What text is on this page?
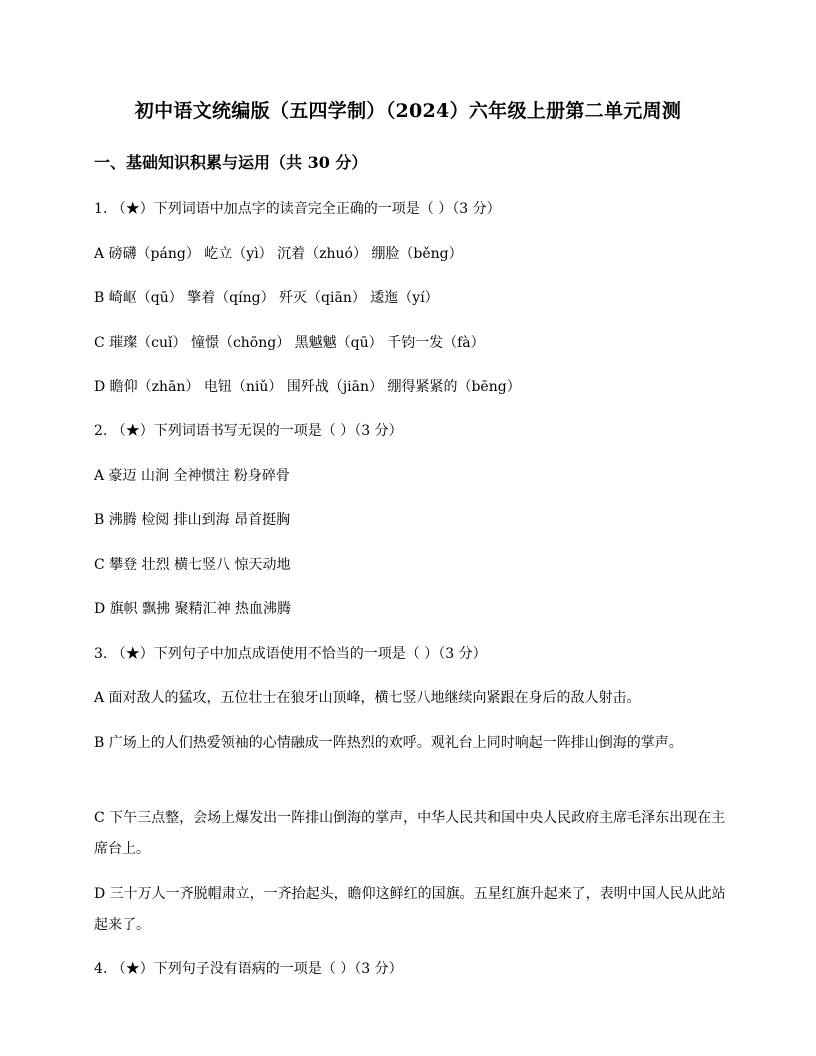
初中语文统编版（五四学制）（2024）六年级上册第二单元周测
一、基础知识积累与运用（共 30 分）
1. （★）下列词语中加点字的读音完全正确的一项是（ ）（3 分）
A 磅礴（páng） 屹立（yì） 沉着（zhuó） 绷脸（běng）
B 崎岖（qū） 擎着（qíng） 歼灭（qiān） 逶迤（yí）
C 璀璨（cuǐ） 憧憬（chōng） 黑魆魆（qū） 千钧一发（fà）
D 瞻仰（zhān） 电钮（niǔ） 围歼战（jiān） 绷得紧紧的（bēng）
2. （★）下列词语书写无误的一项是（ ）（3 分）
A 豪迈 山涧 全神惯注 粉身碎骨
B 沸腾 检阅 排山到海 昂首挺胸
C 攀登 壮烈 横七竖八 惊天动地
D 旗帜 飘拂 聚精汇神 热血沸腾
3. （★）下列句子中加点成语使用不恰当的一项是（ ）（3 分）
A 面对敌人的猛攻，五位壮士在狼牙山顶峰，横七竖八地继续向紧跟在身后的敌人射击。
B 广场上的人们热爱领袖的心情融成一阵热烈的欢呼。观礼台上同时响起一阵排山倒海的掌声。
C 下午三点整，会场上爆发出一阵排山倒海的掌声，中华人民共和国中央人民政府主席毛泽东出现在主席台上。
D 三十万人一齐脱帽肃立，一齐抬起头，瞻仰这鲜红的国旗。五星红旗升起来了，表明中国人民从此站起来了。
4. （★）下列句子没有语病的一项是（ ）（3 分）
